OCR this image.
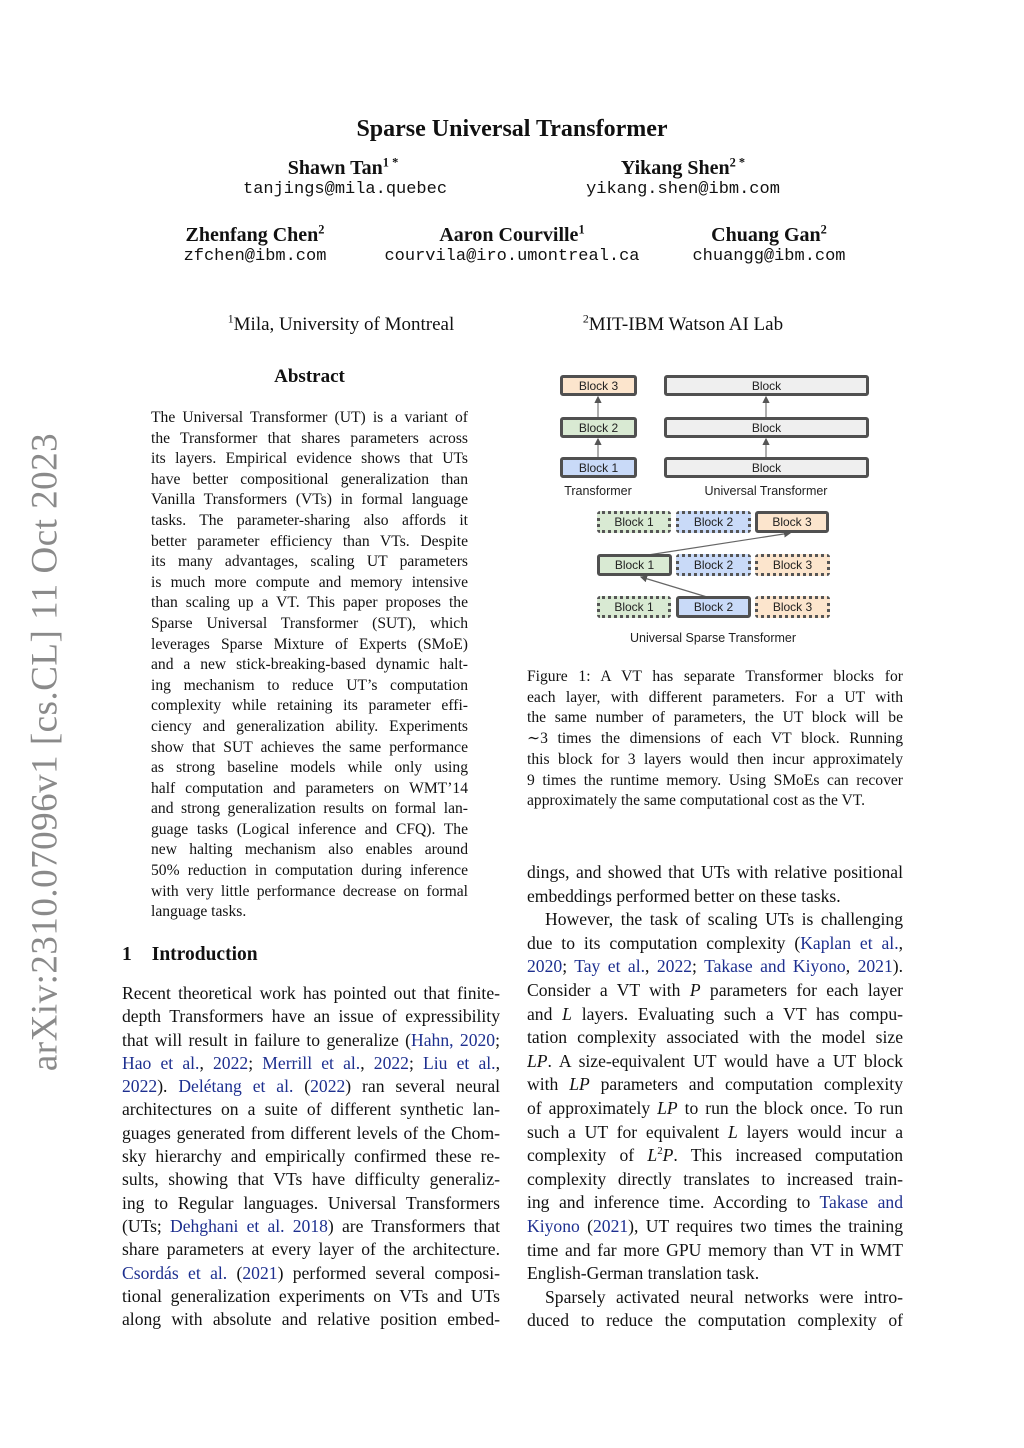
arXiv:2310.07096v1 [cs.CL] 11 Oct 2023
Sparse Universal Transformer
Shawn Tan$^{1 *}$
tanjings@mila.quebec
Yikang Shen$^{2 *}$
yikang.shen@ibm.com
Zhenfang Chen$^2$
zfchen@ibm.com
Aaron Courville$^1$
courvila@iro.umontreal.ca
Chuang Gan$^2$
chuangg@ibm.com
$^1$Mila, University of Montreal	$^2$MIT-IBM Watson AI Lab
Abstract
The Universal Transformer (UT) is a variant of
the Transformer that shares parameters across
its layers. Empirical evidence shows that UTs
have better compositional generalization than
Vanilla Transformers (VTs) in formal language
tasks. The parameter-sharing also affords it
better parameter efficiency than VTs. Despite
its many advantages, scaling UT parameters
is much more compute and memory intensive
than scaling up a VT. This paper proposes the
Sparse Universal Transformer (SUT), which
leverages Sparse Mixture of Experts (SMoE)
and a new stick-breaking-based dynamic halt-
ing mechanism to reduce UT’s computation
complexity while retaining its parameter effi-
ciency and generalization ability. Experiments
show that SUT achieves the same performance
as strong baseline models while only using
half computation and parameters on WMT’14
and strong generalization results on formal lan-
guage tasks (Logical inference and CFQ). The
new halting mechanism also enables around
50% reduction in computation during inference
with very little performance decrease on formal
language tasks.
1 Introduction
Recent theoretical work has pointed out that finite-
depth Transformers have an issue of expressibility
that will result in failure to generalize (Hahn, 2020;
Hao et al., 2022; Merrill et al., 2022; Liu et al.,
2022). Delétang et al. (2022) ran several neural
architectures on a suite of different synthetic lan-
guages generated from different levels of the Chom-
sky hierarchy and empirically confirmed these re-
sults, showing that VTs have difficulty generaliz-
ing to Regular languages. Universal Transformers
(UTs; Dehghani et al. 2018) are Transformers that
share parameters at every layer of the architecture.
Csordás et al. (2021) performed several composi-
tional generalization experiments on VTs and UTs
along with absolute and relative position embed-
Block 3
Block 2
Block 1
Transformer
Block
Block
Block
Universal Transformer
Block 1	Block 2	Block 3
Block 1	Block 2	Block 3
Block 1	Block 2	Block 3
Universal Sparse Transformer
Figure 1: A VT has separate Transformer blocks for
each layer, with different parameters. For a UT with
the same number of parameters, the UT block will be
∼3 times the dimensions of each VT block. Running
this block for 3 layers would then incur approximately
9 times the runtime memory. Using SMoEs can recover
approximately the same computational cost as the VT.
dings, and showed that UTs with relative positional
embeddings performed better on these tasks.
However, the task of scaling UTs is challenging
due to its computation complexity (Kaplan et al.,
2020; Tay et al., 2022; Takase and Kiyono, 2021).
Consider a VT with P parameters for each layer
and L layers. Evaluating such a VT has compu-
tation complexity associated with the model size
LP. A size-equivalent UT would have a UT block
with LP parameters and computation complexity
of approximately LP to run the block once. To run
such a UT for equivalent L layers would incur a
complexity of $L^2P$. This increased computation
complexity directly translates to increased train-
ing and inference time. According to Takase and
Kiyono (2021), UT requires two times the training
time and far more GPU memory than VT in WMT
English-German translation task.
Sparsely activated neural networks were intro-
duced to reduce the computation complexity of
